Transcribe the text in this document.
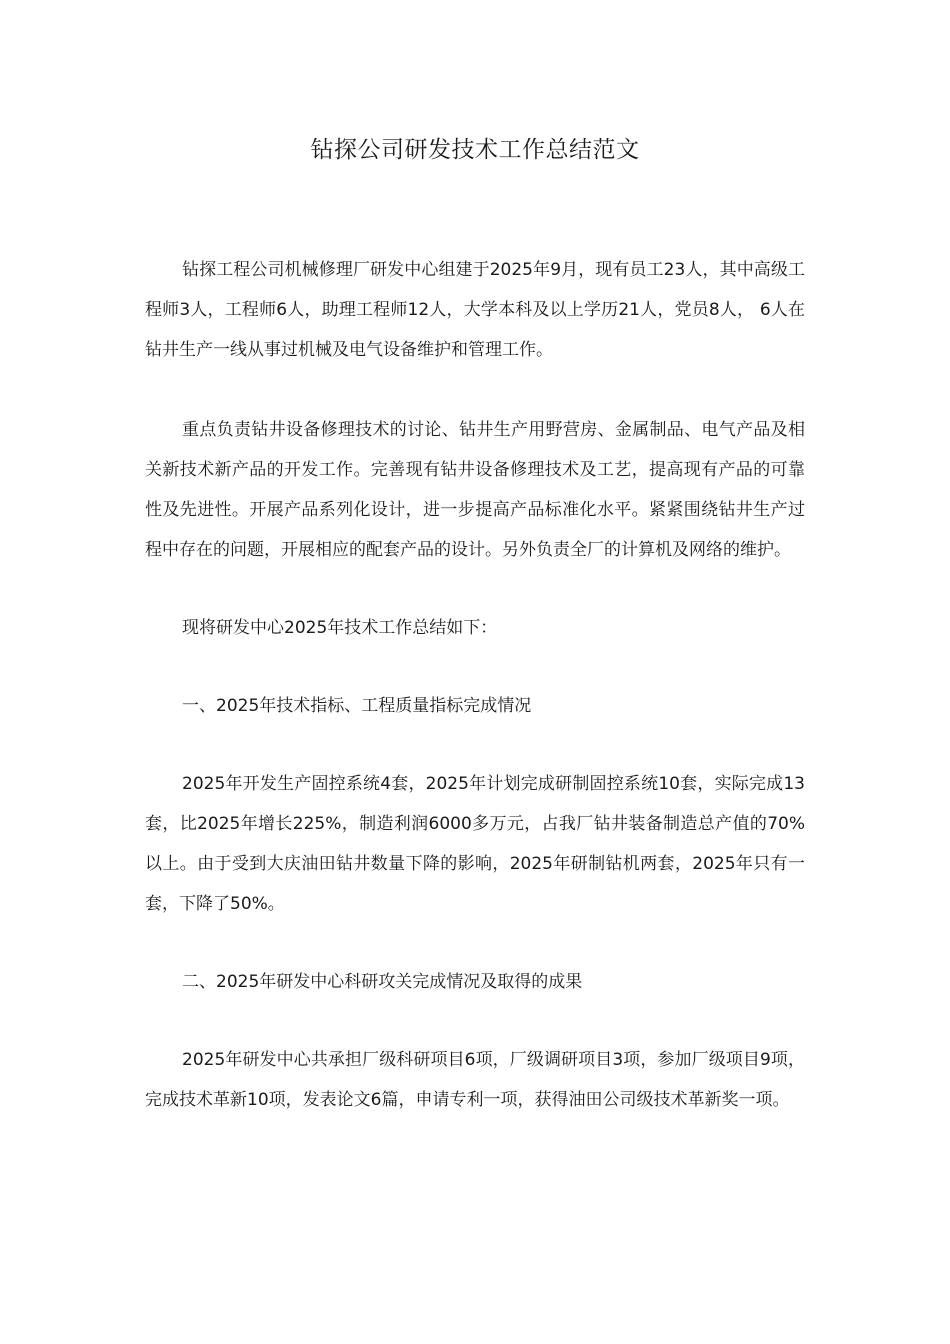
钻探公司研发技术工作总结范文

钻探工程公司机械修理厂研发中心组建于2025年9月，现有员工23人，其中高级工程师3人，工程师6人，助理工程师12人，大学本科及以上学历21人，党员8人， 6人在钻井生产一线从事过机械及电气设备维护和管理工作。

重点负责钻井设备修理技术的讨论、钻井生产用野营房、金属制品、电气产品及相关新技术新产品的开发工作。完善现有钻井设备修理技术及工艺，提高现有产品的可靠性及先进性。开展产品系列化设计，进一步提高产品标准化水平。紧紧围绕钻井生产过程中存在的问题，开展相应的配套产品的设计。另外负责全厂的计算机及网络的维护。

现将研发中心2025年技术工作总结如下：

一、2025年技术指标、工程质量指标完成情况

2025年开发生产固控系统4套，2025年计划完成研制固控系统10套，实际完成13套，比2025年增长225%，制造利润6000多万元，占我厂钻井装备制造总产值的70%以上。由于受到大庆油田钻井数量下降的影响，2025年研制钻机两套，2025年只有一套，下降了50%。

二、2025年研发中心科研攻关完成情况及取得的成果

2025年研发中心共承担厂级科研项目6项，厂级调研项目3项，参加厂级项目9项，完成技术革新10项，发表论文6篇，申请专利一项，获得油田公司级技术革新奖一项。
